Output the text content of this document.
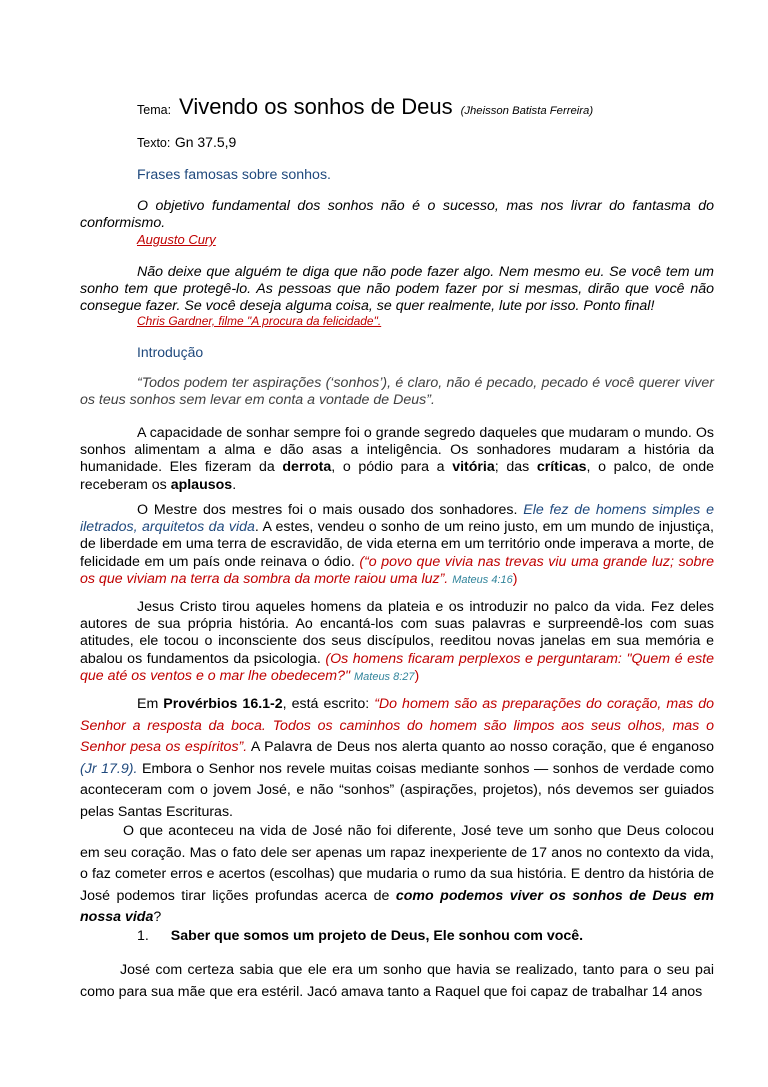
Tema: Vivendo os sonhos de Deus (Jheisson Batista Ferreira)
Texto: Gn 37.5,9
Frases famosas sobre sonhos.

O objetivo fundamental dos sonhos não é o sucesso, mas nos livrar do fantasma do conformismo.

Augusto Cury

Não deixe que alguém te diga que não pode fazer algo. Nem mesmo eu. Se você tem um sonho tem que protegê-lo. As pessoas que não podem fazer por si mesmas, dirão que você não consegue fazer. Se você deseja alguma coisa, se quer realmente, lute por isso. Ponto final!

Chris Gardner, filme "A procura da felicidade".
Introdução

“Todos podem ter aspirações (‘sonhos’), é claro, não é pecado, pecado é você querer viver os teus sonhos sem levar em conta a vontade de Deus”.

A capacidade de sonhar sempre foi o grande segredo daqueles que mudaram o mundo. Os sonhos alimentam a alma e dão asas a inteligência. Os sonhadores mudaram a história da humanidade. Eles fizeram da derrota, o pódio para a vitória; das críticas, o palco, de onde receberam os aplausos.

O Mestre dos mestres foi o mais ousado dos sonhadores. Ele fez de homens simples e iletrados, arquitetos da vida. A estes, vendeu o sonho de um reino justo, em um mundo de injustiça, de liberdade em uma terra de escravidão, de vida eterna em um território onde imperava a morte, de felicidade em um país onde reinava o ódio. (“o povo que vivia nas trevas viu uma grande luz; sobre os que viviam na terra da sombra da morte raiou uma luz”. Mateus 4:16)

Jesus Cristo tirou aqueles homens da plateia e os introduzir no palco da vida. Fez deles autores de sua própria história. Ao encantá-los com suas palavras e surpreendê-los com suas atitudes, ele tocou o inconsciente dos seus discípulos, reeditou novas janelas em sua memória e abalou os fundamentos da psicologia. (Os homens ficaram perplexos e perguntaram: "Quem é este que até os ventos e o mar lhe obedecem?" Mateus 8:27)

Em Provérbios 16.1-2, está escrito: “Do homem são as preparações do coração, mas do Senhor a resposta da boca. Todos os caminhos do homem são limpos aos seus olhos, mas o Senhor pesa os espíritos”. A Palavra de Deus nos alerta quanto ao nosso coração, que é enganoso (Jr 17.9). Embora o Senhor nos revele muitas coisas mediante sonhos — sonhos de verdade como aconteceram com o jovem José, e não “sonhos” (aspirações, projetos), nós devemos ser guiados pelas Santas Escrituras.

O que aconteceu na vida de José não foi diferente, José teve um sonho que Deus colocou em seu coração. Mas o fato dele ser apenas um rapaz inexperiente de 17 anos no contexto da vida, o faz cometer erros e acertos (escolhas) que mudaria o rumo da sua história. E dentro da história de José podemos tirar lições profundas acerca de como podemos viver os sonhos de Deus em nossa vida?

1. Saber que somos um projeto de Deus, Ele sonhou com você.

José com certeza sabia que ele era um sonho que havia se realizado, tanto para o seu pai como para sua mãe que era estéril. Jacó amava tanto a Raquel que foi capaz de trabalhar 14 anos
